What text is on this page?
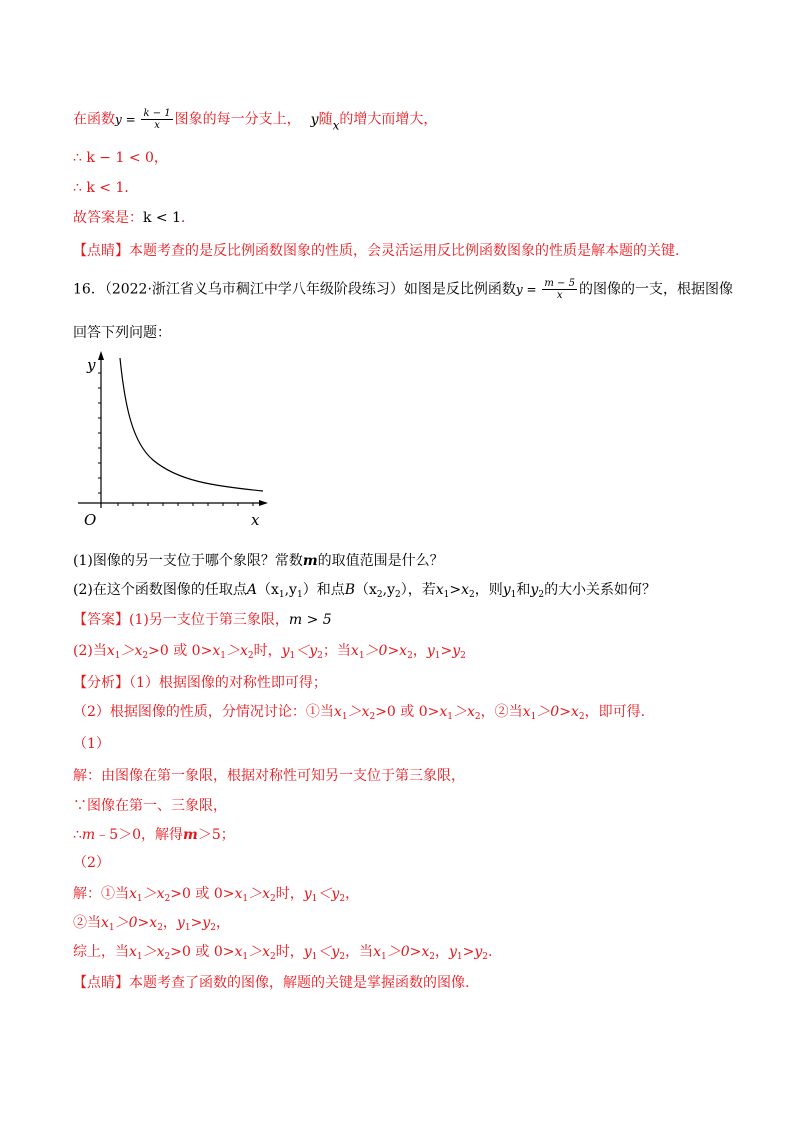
在函数$y = \frac{k - 1}{x}$ 图象的每一分支上， y随x的增大而增大，
∴ k − 1 < 0，
∴ k < 1．
故答案是：k < 1．
【点睛】本题考查的是反比例函数图象的性质，会灵活运用反比例函数图象的性质是解本题的关键.
16．（2022·浙江省义乌市稠江中学八年级阶段练习）如图是反比例函数$y = \frac{m - 5}{x}$ 的图像的一支，根据图像
回答下列问题：
y
x
O
(1)图像的另一支位于哪个象限？常数m的取值范围是什么？
(2)在这个函数图像的任取点$A(x_1,y_1)$和点$B(x_2,y_2)$，若$x_1>x_2$，则$y_1$和$y_2$的大小关系如何？
【答案】(1)另一支位于第三象限，m > 5
(2)当$x_1>x_2>0$ 或 $0>x_1>x_2$时，$y_1<y_2$；当$x_1>0>x_2$，$y_1>y_2$
【分析】（1）根据图像的对称性即可得；
（2）根据图像的性质，分情况讨论：①当$x_1>x_2>0$ 或 $0>x_1>x_2$，②当$x_1>0>x_2$，即可得.
（1）
解：由图像在第一象限，根据对称性可知另一支位于第三象限，
∵图像在第一、三象限，
∴m﹣5＞0，解得m＞5；
（2）
解：①当$x_1>x_2>0$ 或 $0>x_1>x_2$时，$y_1<y_2$，
②当$x_1>0>x_2$，$y_1>y_2$，
综上，当$x_1>x_2>0$ 或 $0>x_1>x_2$时，$y_1<y_2$，当$x_1>0>x_2$，$y_1>y_2$.
【点睛】本题考查了函数的图像，解题的关键是掌握函数的图像.
